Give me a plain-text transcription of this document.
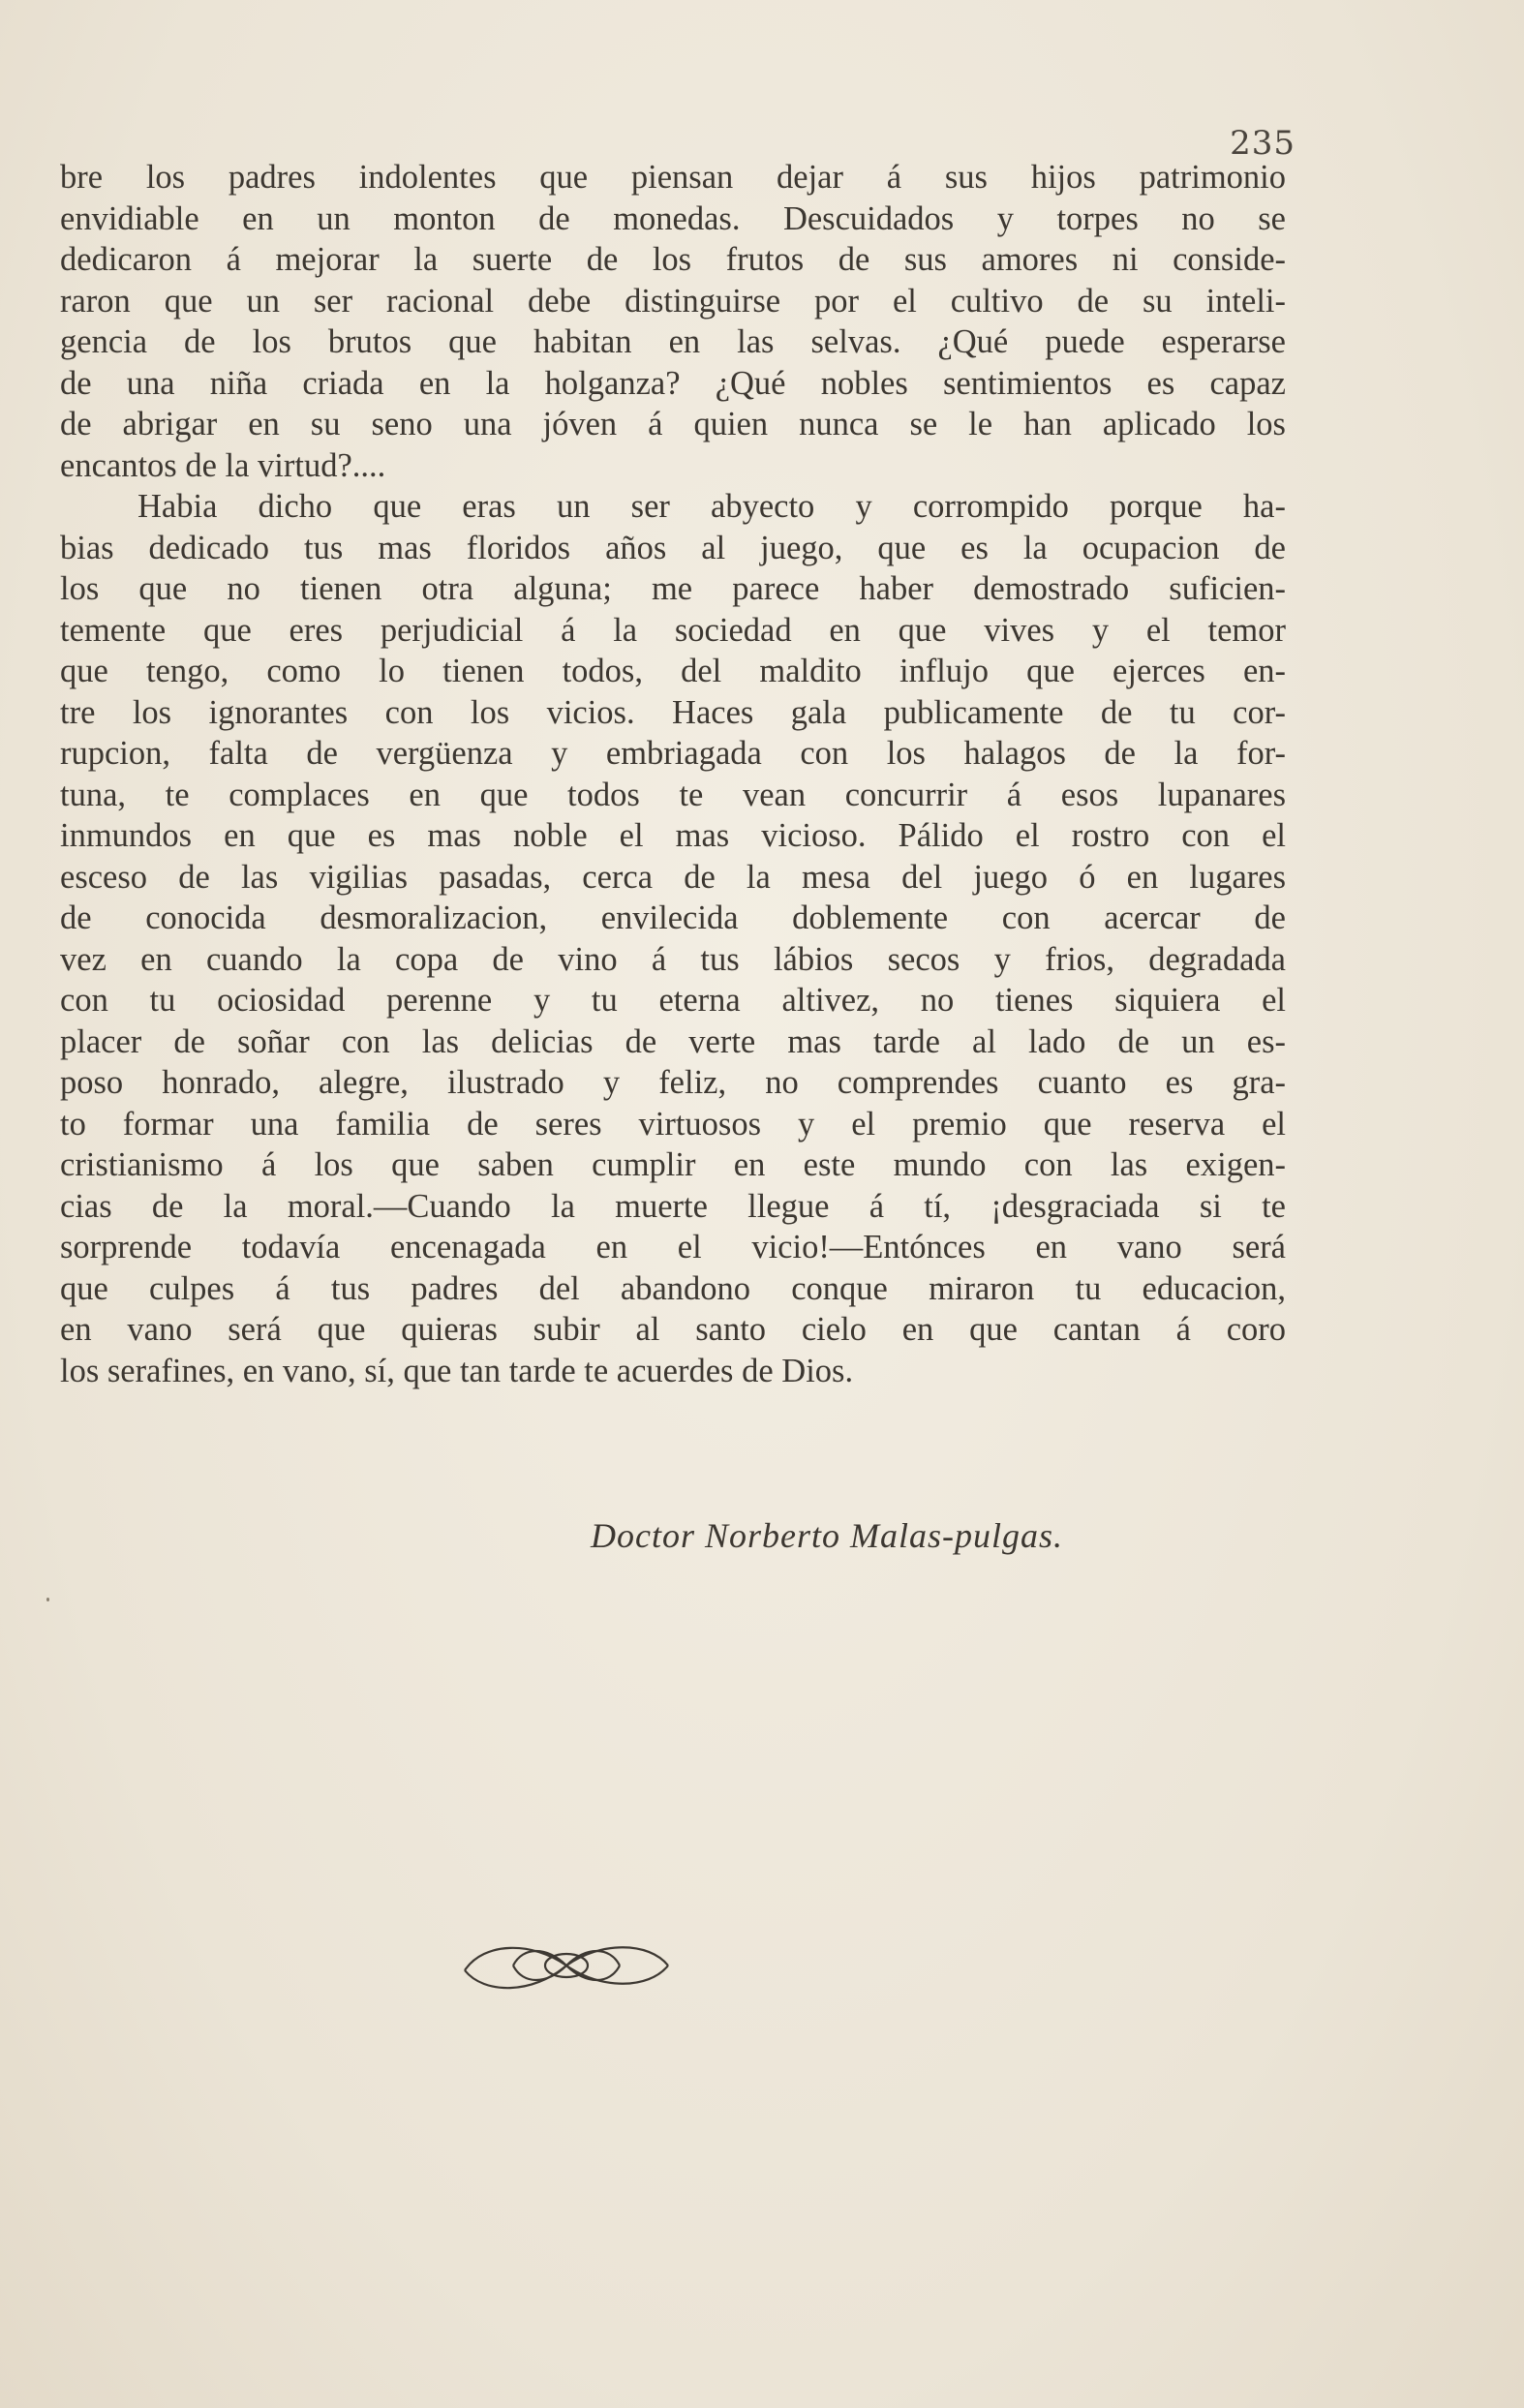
235
bre los padres indolentes que piensan dejar á sus hijos patrimonio
envidiable en un monton de monedas. Descuidados y torpes no se
dedicaron á mejorar la suerte de los frutos de sus amores ni conside-
raron que un ser racional debe distinguirse por el cultivo de su inteli-
gencia de los brutos que habitan en las selvas. ¿Qué puede esperarse
de una niña criada en la holganza? ¿Qué nobles sentimientos es capaz
de abrigar en su seno una jóven á quien nunca se le han aplicado los
encantos de la virtud?....
Habia dicho que eras un ser abyecto y corrompido porque ha-
bias dedicado tus mas floridos años al juego, que es la ocupacion de
los que no tienen otra alguna; me parece haber demostrado suficien-
temente que eres perjudicial á la sociedad en que vives y el temor
que tengo, como lo tienen todos, del maldito influjo que ejerces en-
tre los ignorantes con los vicios. Haces gala publicamente de tu cor-
rupcion, falta de vergüenza y embriagada con los halagos de la for-
tuna, te complaces en que todos te vean concurrir á esos lupanares
inmundos en que es mas noble el mas vicioso. Pálido el rostro con el
esceso de las vigilias pasadas, cerca de la mesa del juego ó en lugares
de conocida desmoralizacion, envilecida doblemente con acercar de
vez en cuando la copa de vino á tus lábios secos y frios, degradada
con tu ociosidad perenne y tu eterna altivez, no tienes siquiera el
placer de soñar con las delicias de verte mas tarde al lado de un es-
poso honrado, alegre, ilustrado y feliz, no comprendes cuanto es gra-
to formar una familia de seres virtuosos y el premio que reserva el
cristianismo á los que saben cumplir en este mundo con las exigen-
cias de la moral.—Cuando la muerte llegue á tí, ¡desgraciada si te
sorprende todavía encenagada en el vicio!—Entónces en vano será
que culpes á tus padres del abandono conque miraron tu educacion,
en vano será que quieras subir al santo cielo en que cantan á coro
los serafines, en vano, sí, que tan tarde te acuerdes de Dios.
Doctor Norberto Malas-pulgas.
